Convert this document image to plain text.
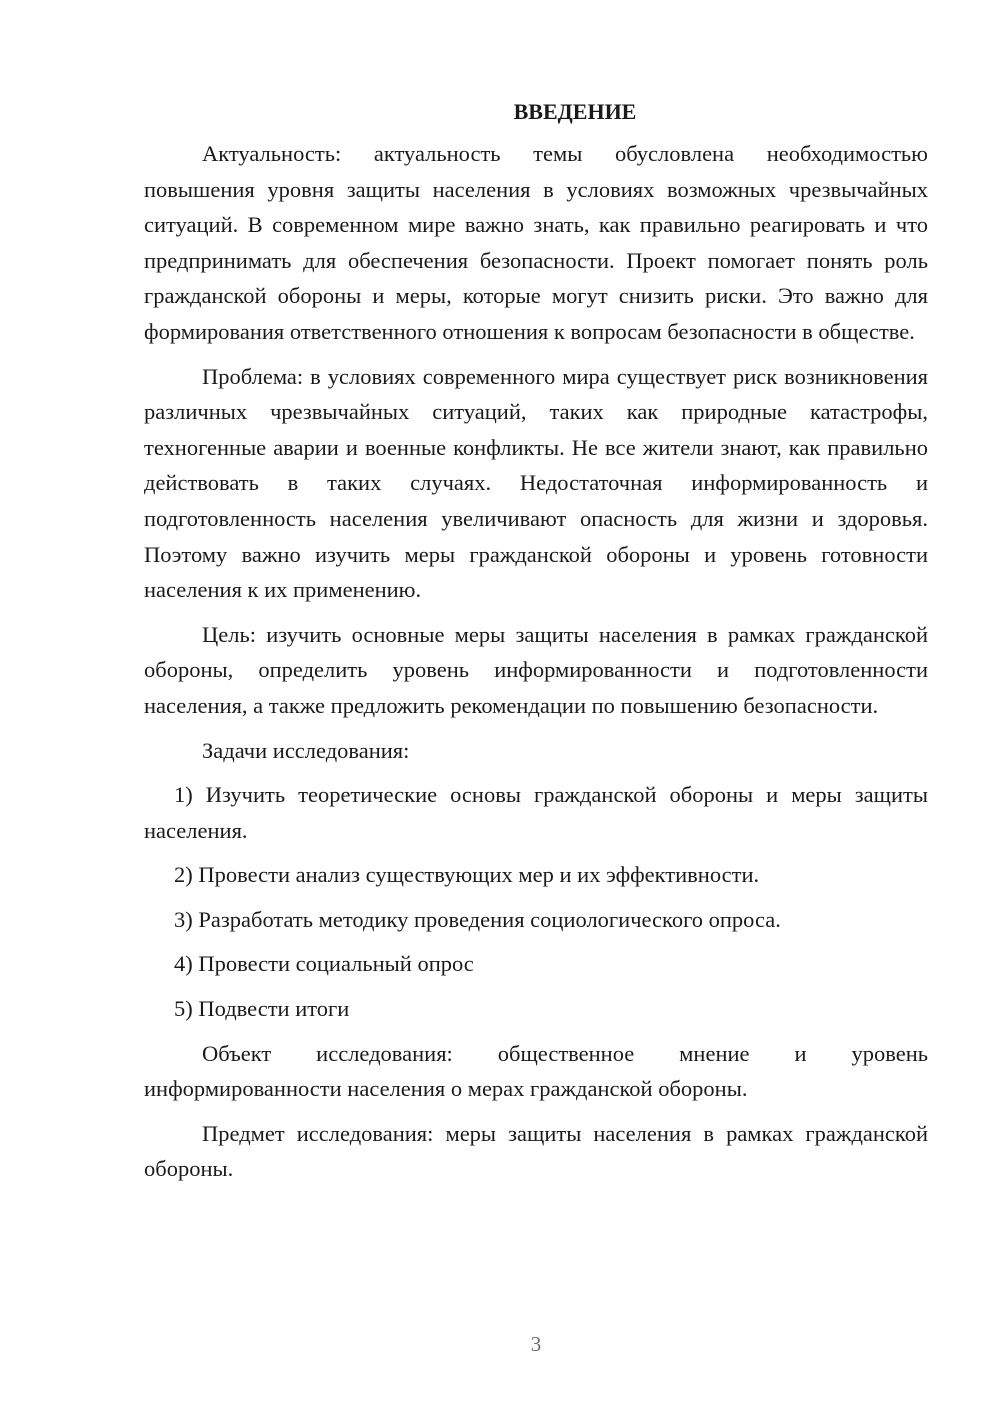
ВВЕДЕНИЕ

Актуальность: актуальность темы обусловлена необходимостью повышения уровня защиты населения в условиях возможных чрезвычайных ситуаций. В современном мире важно знать, как правильно реагировать и что предпринимать для обеспечения безопасности. Проект помогает понять роль гражданской обороны и меры, которые могут снизить риски. Это важно для формирования ответственного отношения к вопросам безопасности в обществе.

Проблема: в условиях современного мира существует риск возникновения различных чрезвычайных ситуаций, таких как природные катастрофы, техногенные аварии и военные конфликты. Не все жители знают, как правильно действовать в таких случаях. Недостаточная информированность и подготовленность населения увеличивают опасность для жизни и здоровья. Поэтому важно изучить меры гражданской обороны и уровень готовности населения к их применению.

Цель: изучить основные меры защиты населения в рамках гражданской обороны, определить уровень информированности и подготовленности населения, а также предложить рекомендации по повышению безопасности.

Задачи исследования:

1) Изучить теоретические основы гражданской обороны и меры защиты населения.

2) Провести анализ существующих мер и их эффективности.

3) Разработать методику проведения социологического опроса.

4) Провести социальный опрос

5) Подвести итоги

Объект исследования: общественное мнение и уровень информированности населения о мерах гражданской обороны.

Предмет исследования: меры защиты населения в рамках гражданской обороны.

3
